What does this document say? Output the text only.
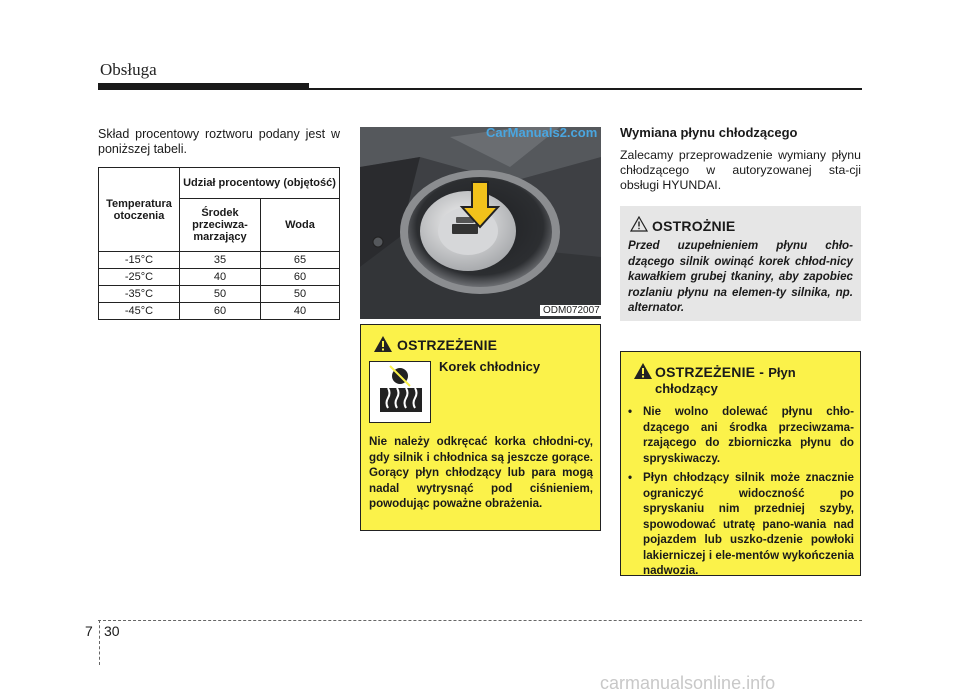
Obsługa
Skład procentowy roztworu podany jest w poniższej tabeli.
Temperatura otoczenia	Udział procentowy (objętość)	
	Środek przeciwza-marzający	Woda
-15°C	35	65
-25°C	40	60
-35°C	50	50
-45°C	60	40
CarManuals2.com
ODM072007
OSTRZEŻENIE
Korek chłodnicy
Nie należy odkręcać korka chłodni-cy, gdy silnik i chłodnica są jeszcze gorące. Gorący płyn chłodzący lub para mogą nadal wytrysnąć pod ciśnieniem, powodując poważne obrażenia.
Wymiana płynu chłodzącego
Zalecamy przeprowadzenie wymiany płynu chłodzącego w autoryzowanej sta-cji obsługi HYUNDAI.
OSTROŻNIE
Przed uzupełnieniem płynu chło-dzącego silnik owinąć korek chłod-nicy kawałkiem grubej tkaniny, aby zapobiec rozlaniu płynu na elemen-ty silnika, np. alternator.
OSTRZEŻENIE - Płyn
chłodzący
• Nie wolno dolewać płynu chło-dzącego ani środka przeciwzama-rzającego do zbiorniczka płynu do spryskiwaczy.
• Płyn chłodzący silnik może znacznie ograniczyć widoczność po spryskaniu nim przedniej szyby, spowodować utratę pano-wania nad pojazdem lub uszko-dzenie powłoki lakierniczej i ele-mentów wykończenia nadwozia.
7 30
carmanualsonline.info
